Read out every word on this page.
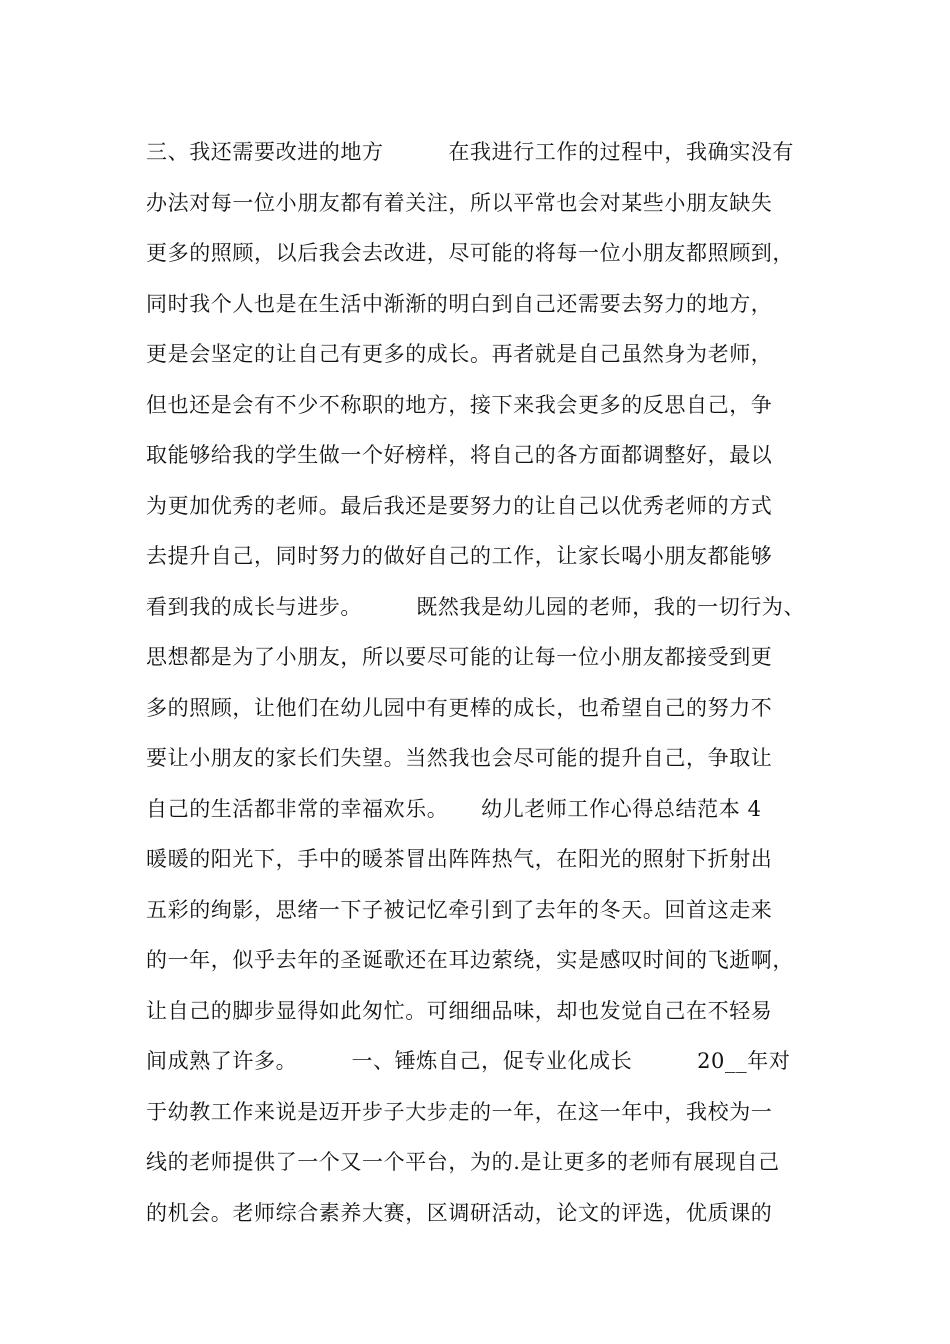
三、我还需要改进的地方　　　在我进行工作的过程中，我确实没有
办法对每一位小朋友都有着关注，所以平常也会对某些小朋友缺失
更多的照顾，以后我会去改进，尽可能的将每一位小朋友都照顾到，
同时我个人也是在生活中渐渐的明白到自己还需要去努力的地方，
更是会坚定的让自己有更多的成长。再者就是自己虽然身为老师，
但也还是会有不少不称职的地方，接下来我会更多的反思自己，争
取能够给我的学生做一个好榜样，将自己的各方面都调整好，最以
为更加优秀的老师。最后我还是要努力的让自己以优秀老师的方式
去提升自己，同时努力的做好自己的工作，让家长喝小朋友都能够
看到我的成长与进步。　　　既然我是幼儿园的老师，我的一切行为、
思想都是为了小朋友，所以要尽可能的让每一位小朋友都接受到更
多的照顾，让他们在幼儿园中有更棒的成长，也希望自己的努力不
要让小朋友的家长们失望。当然我也会尽可能的提升自己，争取让
自己的生活都非常的幸福欢乐。　　幼儿老师工作心得总结范本 4
暖暖的阳光下，手中的暖茶冒出阵阵热气，在阳光的照射下折射出
五彩的绚影，思绪一下子被记忆牵引到了去年的冬天。回首这走来
的一年，似乎去年的圣诞歌还在耳边萦绕，实是感叹时间的飞逝啊，
让自己的脚步显得如此匆忙。可细细品味，却也发觉自己在不轻易
间成熟了许多。　　　一、锤炼自己，促专业化成长　　　20__年对
于幼教工作来说是迈开步子大步走的一年，在这一年中，我校为一
线的老师提供了一个又一个平台，为的.是让更多的老师有展现自己
的机会。老师综合素养大赛，区调研活动，论文的评选，优质课的
